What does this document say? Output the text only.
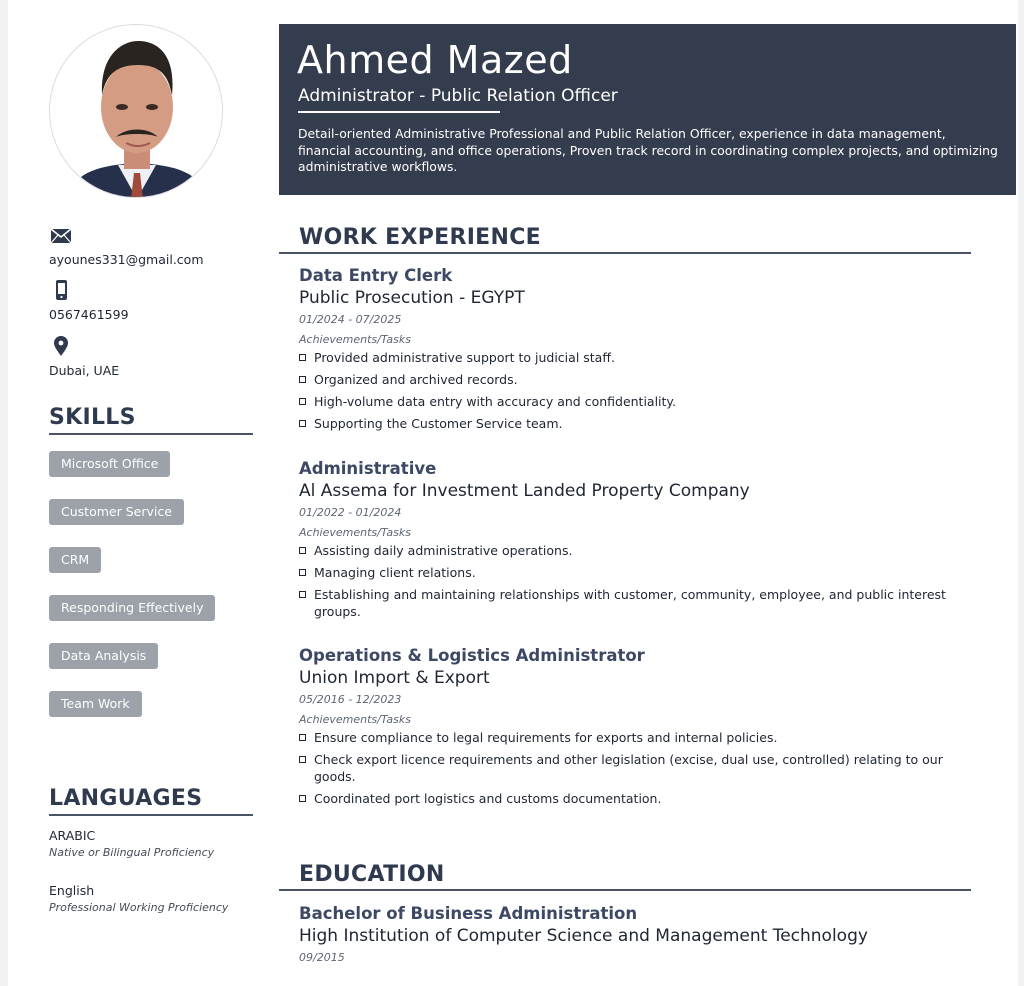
ayounes331@gmail.com
0567461599
Dubai, UAE
SKILLS
Microsoft Office
Customer Service
CRM
Responding Effectively
Data Analysis
Team Work
LANGUAGES
ARABIC
Native or Bilingual Proficiency
English
Professional Working Proficiency
Ahmed Mazed
Administrator - Public Relation Officer
Detail-oriented Administrative Professional and Public Relation Officer, experience in data management, financial accounting, and office operations, Proven track record in coordinating complex projects, and optimizing administrative workflows.
WORK EXPERIENCE
Data Entry Clerk
Public Prosecution - EGYPT
01/2024 - 07/2025
Achievements/Tasks
Provided administrative support to judicial staff.
Organized and archived records.
High-volume data entry with accuracy and confidentiality.
Supporting the Customer Service team.
Administrative
Al Assema for Investment Landed Property Company
01/2022 - 01/2024
Achievements/Tasks
Assisting daily administrative operations.
Managing client relations.
Establishing and maintaining relationships with customer, community, employee, and public interest groups.
Operations & Logistics Administrator
Union Import & Export
05/2016 - 12/2023
Achievements/Tasks
Ensure compliance to legal requirements for exports and internal policies.
Check export licence requirements and other legislation (excise, dual use, controlled) relating to our goods.
Coordinated port logistics and customs documentation.
EDUCATION
Bachelor of Business Administration
High Institution of Computer Science and Management Technology
09/2015
